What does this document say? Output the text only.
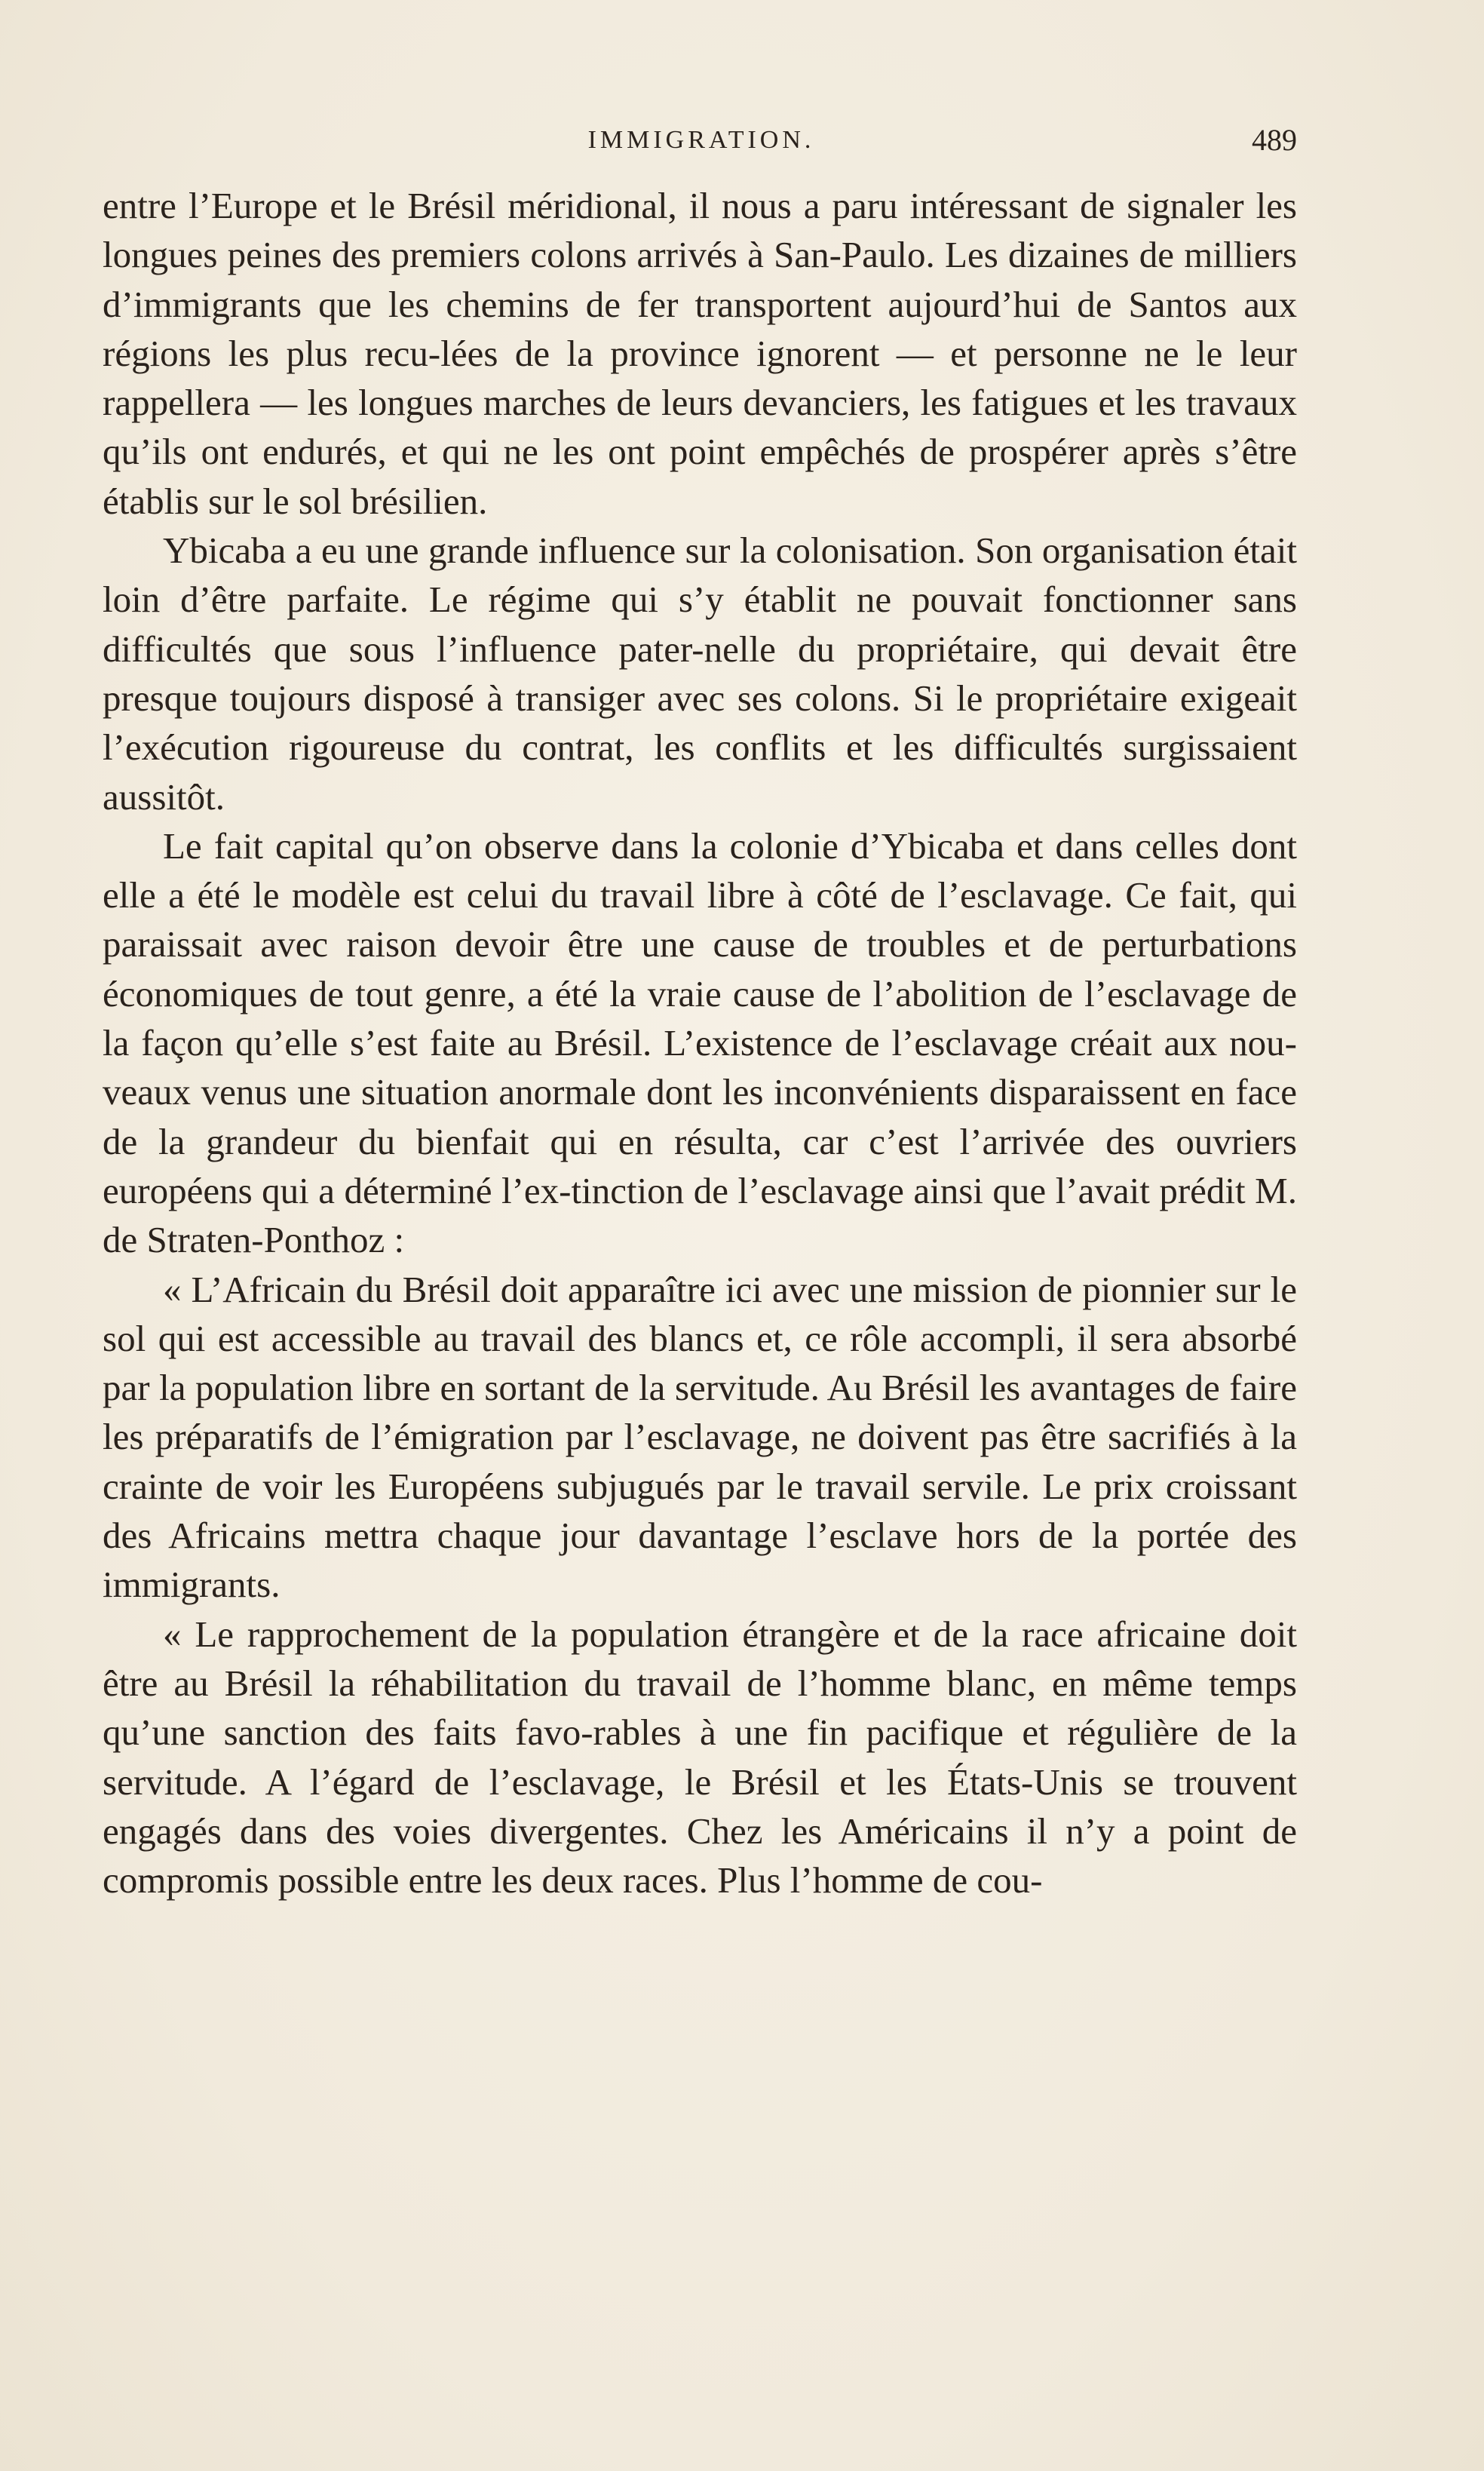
IMMIGRATION.	489

entre l’Europe et le Brésil méridional, il nous a paru intéressant de signaler les longues peines des premiers colons arrivés à San-Paulo. Les dizaines de milliers d’immigrants que les chemins de fer transportent aujourd’hui de Santos aux régions les plus recu-lées de la province ignorent — et personne ne le leur rappellera — les longues marches de leurs devanciers, les fatigues et les travaux qu’ils ont endurés, et qui ne les ont point empêchés de prospérer après s’être établis sur le sol brésilien.

Ybicaba a eu une grande influence sur la colonisation. Son organisation était loin d’être parfaite. Le régime qui s’y établit ne pouvait fonctionner sans difficultés que sous l’influence pater-nelle du propriétaire, qui devait être presque toujours disposé à transiger avec ses colons. Si le propriétaire exigeait l’exécution rigoureuse du contrat, les conflits et les difficultés surgissaient aussitôt.

Le fait capital qu’on observe dans la colonie d’Ybicaba et dans celles dont elle a été le modèle est celui du travail libre à côté de l’esclavage. Ce fait, qui paraissait avec raison devoir être une cause de troubles et de perturbations économiques de tout genre, a été la vraie cause de l’abolition de l’esclavage de la façon qu’elle s’est faite au Brésil. L’existence de l’esclavage créait aux nou-veaux venus une situation anormale dont les inconvénients disparaissent en face de la grandeur du bienfait qui en résulta, car c’est l’arrivée des ouvriers européens qui a déterminé l’ex-tinction de l’esclavage ainsi que l’avait prédit M. de Straten-Ponthoz :

« L’Africain du Brésil doit apparaître ici avec une mission de pionnier sur le sol qui est accessible au travail des blancs et, ce rôle accompli, il sera absorbé par la population libre en sortant de la servitude. Au Brésil les avantages de faire les préparatifs de l’émigration par l’esclavage, ne doivent pas être sacrifiés à la crainte de voir les Européens subjugués par le travail servile. Le prix croissant des Africains mettra chaque jour davantage l’esclave hors de la portée des immigrants.

« Le rapprochement de la population étrangère et de la race africaine doit être au Brésil la réhabilitation du travail de l’homme blanc, en même temps qu’une sanction des faits favo-rables à une fin pacifique et régulière de la servitude. A l’égard de l’esclavage, le Brésil et les États-Unis se trouvent engagés dans des voies divergentes. Chez les Américains il n’y a point de compromis possible entre les deux races. Plus l’homme de cou-
